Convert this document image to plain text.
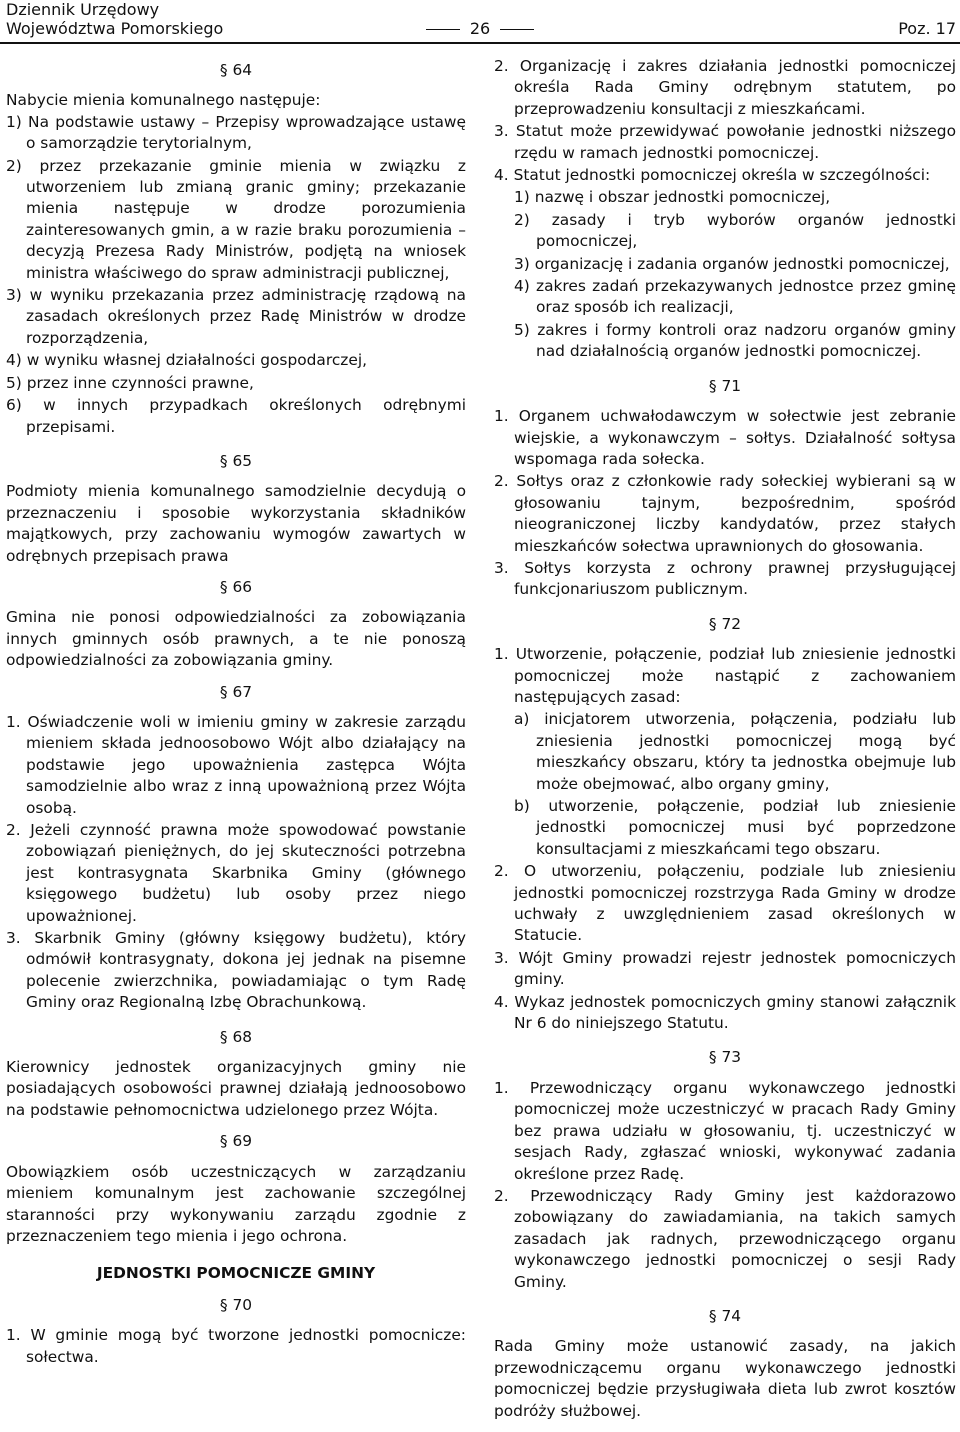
Dziennik Urzędowy
Województwa Pomorskiego	26	Poz. 17
§ 64
Nabycie mienia komunalnego następuje:
1) Na podstawie ustawy – Przepisy wprowadzające ustawę o samorządzie terytorialnym,
2) przez przekazanie gminie mienia w związku z utworzeniem lub zmianą granic gminy; przekazanie mienia następuje w drodze porozumienia zainteresowanych gmin, a w razie braku porozumienia – decyzją Prezesa Rady Ministrów, podjętą na wniosek ministra właściwego do spraw administracji publicznej,
3) w wyniku przekazania przez administrację rządową na zasadach określonych przez Radę Ministrów w drodze rozporządzenia,
4) w wyniku własnej działalności gospodarczej,
5) przez inne czynności prawne,
6) w innych przypadkach określonych odrębnymi przepisami.
§ 65
Podmioty mienia komunalnego samodzielnie decydują o przeznaczeniu i sposobie wykorzystania składników majątkowych, przy zachowaniu wymogów zawartych w odrębnych przepisach prawa
§ 66
Gmina nie ponosi odpowiedzialności za zobowiązania innych gminnych osób prawnych, a te nie ponoszą odpowiedzialności za zobowiązania gminy.
§ 67
1. Oświadczenie woli w imieniu gminy w zakresie zarządu mieniem składa jednoosobowo Wójt albo działający na podstawie jego upoważnienia zastępca Wójta samodzielnie albo wraz z inną upoważnioną przez Wójta osobą.
2. Jeżeli czynność prawna może spowodować powstanie zobowiązań pieniężnych, do jej skuteczności potrzebna jest kontrasygnata Skarbnika Gminy (głównego księgowego budżetu) lub osoby przez niego upoważnionej.
3. Skarbnik Gminy (główny księgowy budżetu), który odmówił kontrasygnaty, dokona jej jednak na pisemne polecenie zwierzchnika, powiadamiając o tym Radę Gminy oraz Regionalną Izbę Obrachunkową.
§ 68
Kierownicy jednostek organizacyjnych gminy nie posiadających osobowości prawnej działają jednoosobowo na podstawie pełnomocnictwa udzielonego przez Wójta.
§ 69
Obowiązkiem osób uczestniczących w zarządzaniu mieniem komunalnym jest zachowanie szczególnej staranności przy wykonywaniu zarządu zgodnie z przeznaczeniem tego mienia i jego ochrona.
JEDNOSTKI POMOCNICZE GMINY
§ 70
1. W gminie mogą być tworzone jednostki pomocnicze: sołectwa.
2. Organizację i zakres działania jednostki pomocniczej określa Rada Gminy odrębnym statutem, po przeprowadzeniu konsultacji z mieszkańcami.
3. Statut może przewidywać powołanie jednostki niższego rzędu w ramach jednostki pomocniczej.
4. Statut jednostki pomocniczej określa w szczególności:
1) nazwę i obszar jednostki pomocniczej,
2) zasady i tryb wyborów organów jednostki pomocniczej,
3) organizację i zadania organów jednostki pomocniczej,
4) zakres zadań przekazywanych jednostce przez gminę oraz sposób ich realizacji,
5) zakres i formy kontroli oraz nadzoru organów gminy nad działalnością organów jednostki pomocniczej.
§ 71
1. Organem uchwałodawczym w sołectwie jest zebranie wiejskie, a wykonawczym – sołtys. Działalność sołtysa wspomaga rada sołecka.
2. Sołtys oraz z członkowie rady sołeckiej wybierani są w głosowaniu tajnym, bezpośrednim, spośród nieograniczonej liczby kandydatów, przez stałych mieszkańców sołectwa uprawnionych do głosowania.
3. Sołtys korzysta z ochrony prawnej przysługującej funkcjonariuszom publicznym.
§ 72
1. Utworzenie, połączenie, podział lub zniesienie jednostki pomocniczej może nastąpić z zachowaniem następujących zasad:
a) inicjatorem utworzenia, połączenia, podziału lub zniesienia jednostki pomocniczej mogą być mieszkańcy obszaru, który ta jednostka obejmuje lub może obejmować, albo organy gminy,
b) utworzenie, połączenie, podział lub zniesienie jednostki pomocniczej musi być poprzedzone konsultacjami z mieszkańcami tego obszaru.
2. O utworzeniu, połączeniu, podziale lub zniesieniu jednostki pomocniczej rozstrzyga Rada Gminy w drodze uchwały z uwzględnieniem zasad określonych w Statucie.
3. Wójt Gminy prowadzi rejestr jednostek pomocniczych gminy.
4. Wykaz jednostek pomocniczych gminy stanowi załącznik Nr 6 do niniejszego Statutu.
§ 73
1. Przewodniczący organu wykonawczego jednostki pomocniczej może uczestniczyć w pracach Rady Gminy bez prawa udziału w głosowaniu, tj. uczestniczyć w sesjach Rady, zgłaszać wnioski, wykonywać zadania określone przez Radę.
2. Przewodniczący Rady Gminy jest każdorazowo zobowiązany do zawiadamiania, na takich samych zasadach jak radnych, przewodniczącego organu wykonawczego jednostki pomocniczej o sesji Rady Gminy.
§ 74
Rada Gminy może ustanowić zasady, na jakich przewodniczącemu organu wykonawczego jednostki pomocniczej będzie przysługiwała dieta lub zwrot kosztów podróży służbowej.
